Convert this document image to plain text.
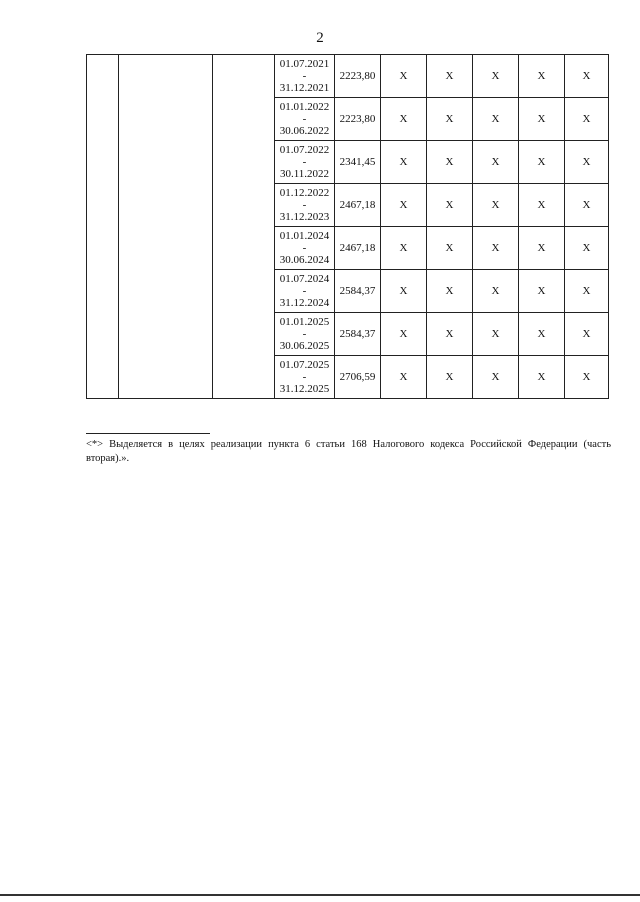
2

			01.07.2021
-
31.12.2021	2223,80	X	X	X	X	X

			01.01.2022
-
30.06.2022	2223,80	X	X	X	X	X

			01.07.2022
-
30.11.2022	2341,45	X	X	X	X	X

			01.12.2022
-
31.12.2023	2467,18	X	X	X	X	X

			01.01.2024
-
30.06.2024	2467,18	X	X	X	X	X

			01.07.2024
-
31.12.2024	2584,37	X	X	X	X	X

			01.01.2025
-
30.06.2025	2584,37	X	X	X	X	X

			01.07.2025
-
31.12.2025	2706,59	X	X	X	X	X
<*> Выделяется в целях реализации пункта 6 статьи 168 Налогового кодекса Российской Федерации (часть вторая).».
